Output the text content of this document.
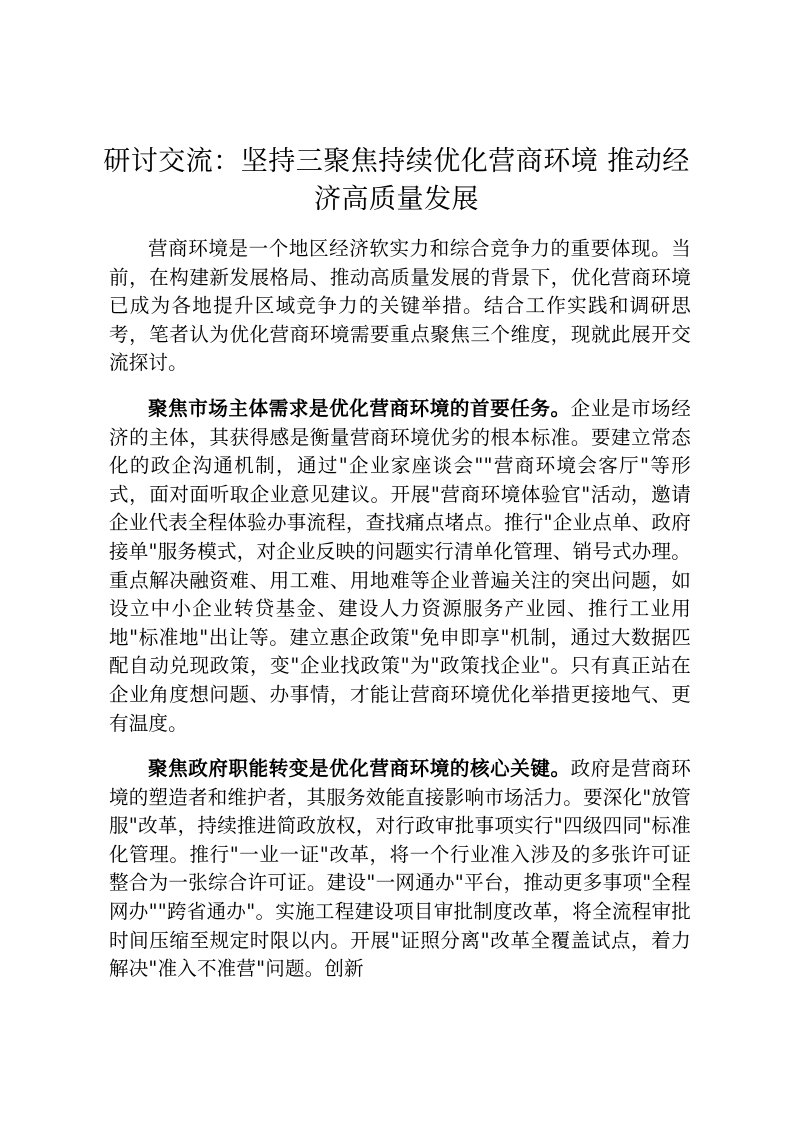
研讨交流：坚持三聚焦持续优化营商环境 推动经济高质量发展

营商环境是一个地区经济软实力和综合竞争力的重要体现。当前，在构建新发展格局、推动高质量发展的背景下，优化营商环境已成为各地提升区域竞争力的关键举措。结合工作实践和调研思考，笔者认为优化营商环境需要重点聚焦三个维度，现就此展开交流探讨。

聚焦市场主体需求是优化营商环境的首要任务。企业是市场经济的主体，其获得感是衡量营商环境优劣的根本标准。要建立常态化的政企沟通机制，通过"企业家座谈会""营商环境会客厅"等形式，面对面听取企业意见建议。开展"营商环境体验官"活动，邀请企业代表全程体验办事流程，查找痛点堵点。推行"企业点单、政府接单"服务模式，对企业反映的问题实行清单化管理、销号式办理。重点解决融资难、用工难、用地难等企业普遍关注的突出问题，如设立中小企业转贷基金、建设人力资源服务产业园、推行工业用地"标准地"出让等。建立惠企政策"免申即享"机制，通过大数据匹配自动兑现政策，变"企业找政策"为"政策找企业"。只有真正站在企业角度想问题、办事情，才能让营商环境优化举措更接地气、更有温度。

聚焦政府职能转变是优化营商环境的核心关键。政府是营商环境的塑造者和维护者，其服务效能直接影响市场活力。要深化"放管服"改革，持续推进简政放权，对行政审批事项实行"四级四同"标准化管理。推行"一业一证"改革，将一个行业准入涉及的多张许可证整合为一张综合许可证。建设"一网通办"平台，推动更多事项"全程网办""跨省通办"。实施工程建设项目审批制度改革，将全流程审批时间压缩至规定时限以内。开展"证照分离"改革全覆盖试点，着力解决"准入不准营"问题。创新
